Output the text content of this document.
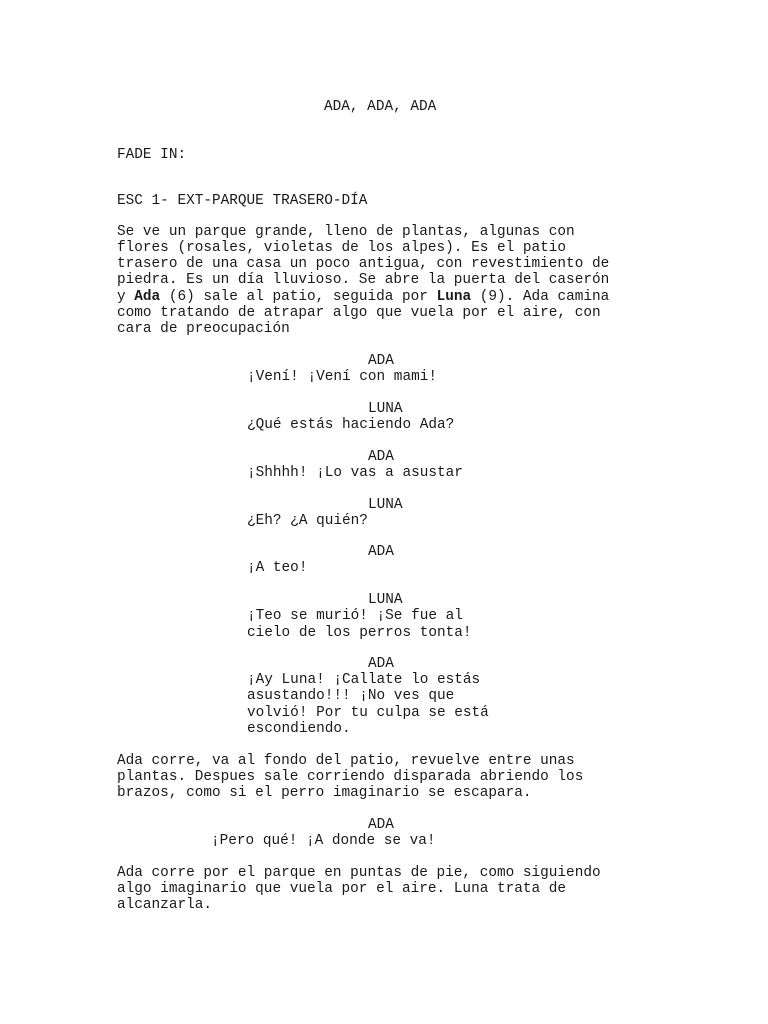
ADA, ADA, ADA
FADE IN:
ESC 1- EXT-PARQUE TRASERO-DÍA
Se ve un parque grande, lleno de plantas, algunas con
flores (rosales, violetas de los alpes). Es el patio
trasero de una casa un poco antigua, con revestimiento de
piedra. Es un día lluvioso. Se abre la puerta del caserón
y Ada (6) sale al patio, seguida por Luna (9). Ada camina
como tratando de atrapar algo que vuela por el aire, con
cara de preocupación
ADA
¡Vení! ¡Vení con mami!
LUNA
¿Qué estás haciendo Ada?
ADA
¡Shhhh! ¡Lo vas a asustar
LUNA
¿Eh? ¿A quién?
ADA
¡A teo!
LUNA
¡Teo se murió! ¡Se fue al
cielo de los perros tonta!
ADA
¡Ay Luna! ¡Callate lo estás
asustando!!! ¡No ves que
volvió! Por tu culpa se está
escondiendo.
Ada corre, va al fondo del patio, revuelve entre unas
plantas. Despues sale corriendo disparada abriendo los
brazos, como si el perro imaginario se escapara.
ADA
¡Pero qué! ¡A donde se va!
Ada corre por el parque en puntas de pie, como siguiendo
algo imaginario que vuela por el aire. Luna trata de
alcanzarla.
